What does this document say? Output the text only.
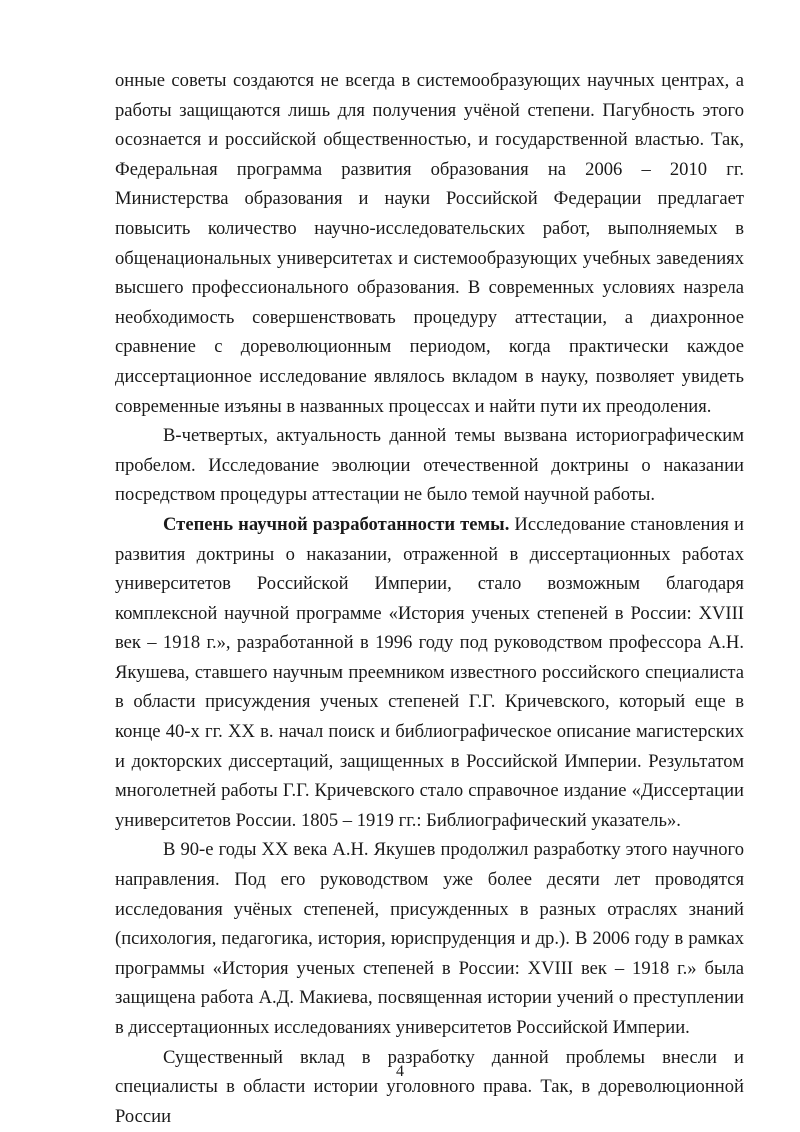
онные советы создаются не всегда в системообразующих научных центрах, а работы защищаются лишь для получения учёной степени. Пагубность этого осознается и российской общественностью, и государственной властью. Так, Федеральная программа развития образования на 2006 – 2010 гг. Министерства образования и науки Российской Федерации предлагает повысить количество научно-исследовательских работ, выполняемых в общенациональных университетах и системообразующих учебных заведениях высшего профессионального образования. В современных условиях назрела необходимость совершенствовать процедуру аттестации, а диахронное сравнение с дореволюционным периодом, когда практически каждое диссертационное исследование являлось вкладом в науку, позволяет увидеть современные изъяны в названных процессах и найти пути их преодоления.

В-четвертых, актуальность данной темы вызвана историографическим пробелом. Исследование эволюции отечественной доктрины о наказании посредством процедуры аттестации не было темой научной работы.

Степень научной разработанности темы. Исследование становления и развития доктрины о наказании, отраженной в диссертационных работах университетов Российской Империи, стало возможным благодаря комплексной научной программе «История ученых степеней в России: XVIII век – 1918 г.», разработанной в 1996 году под руководством профессора А.Н. Якушева, ставшего научным преемником известного российского специалиста в области присуждения ученых степеней Г.Г. Кричевского, который еще в конце 40-х гг. XX в. начал поиск и библиографическое описание магистерских и докторских диссертаций, защищенных в Российской Империи. Результатом многолетней работы Г.Г. Кричевского стало справочное издание «Диссертации университетов России. 1805 – 1919 гг.: Библиографический указатель».

В 90-е годы XX века А.Н. Якушев продолжил разработку этого научного направления. Под его руководством уже более десяти лет проводятся исследования учёных степеней, присужденных в разных отраслях знаний (психология, педагогика, история, юриспруденция и др.). В 2006 году в рамках программы «История ученых степеней в России: XVIII век – 1918 г.» была защищена работа А.Д. Макиева, посвященная истории учений о преступлении в диссертационных исследованиях университетов Российской Империи.

Существенный вклад в разработку данной проблемы внесли и специалисты в области истории уголовного права. Так, в дореволюционной России

4
